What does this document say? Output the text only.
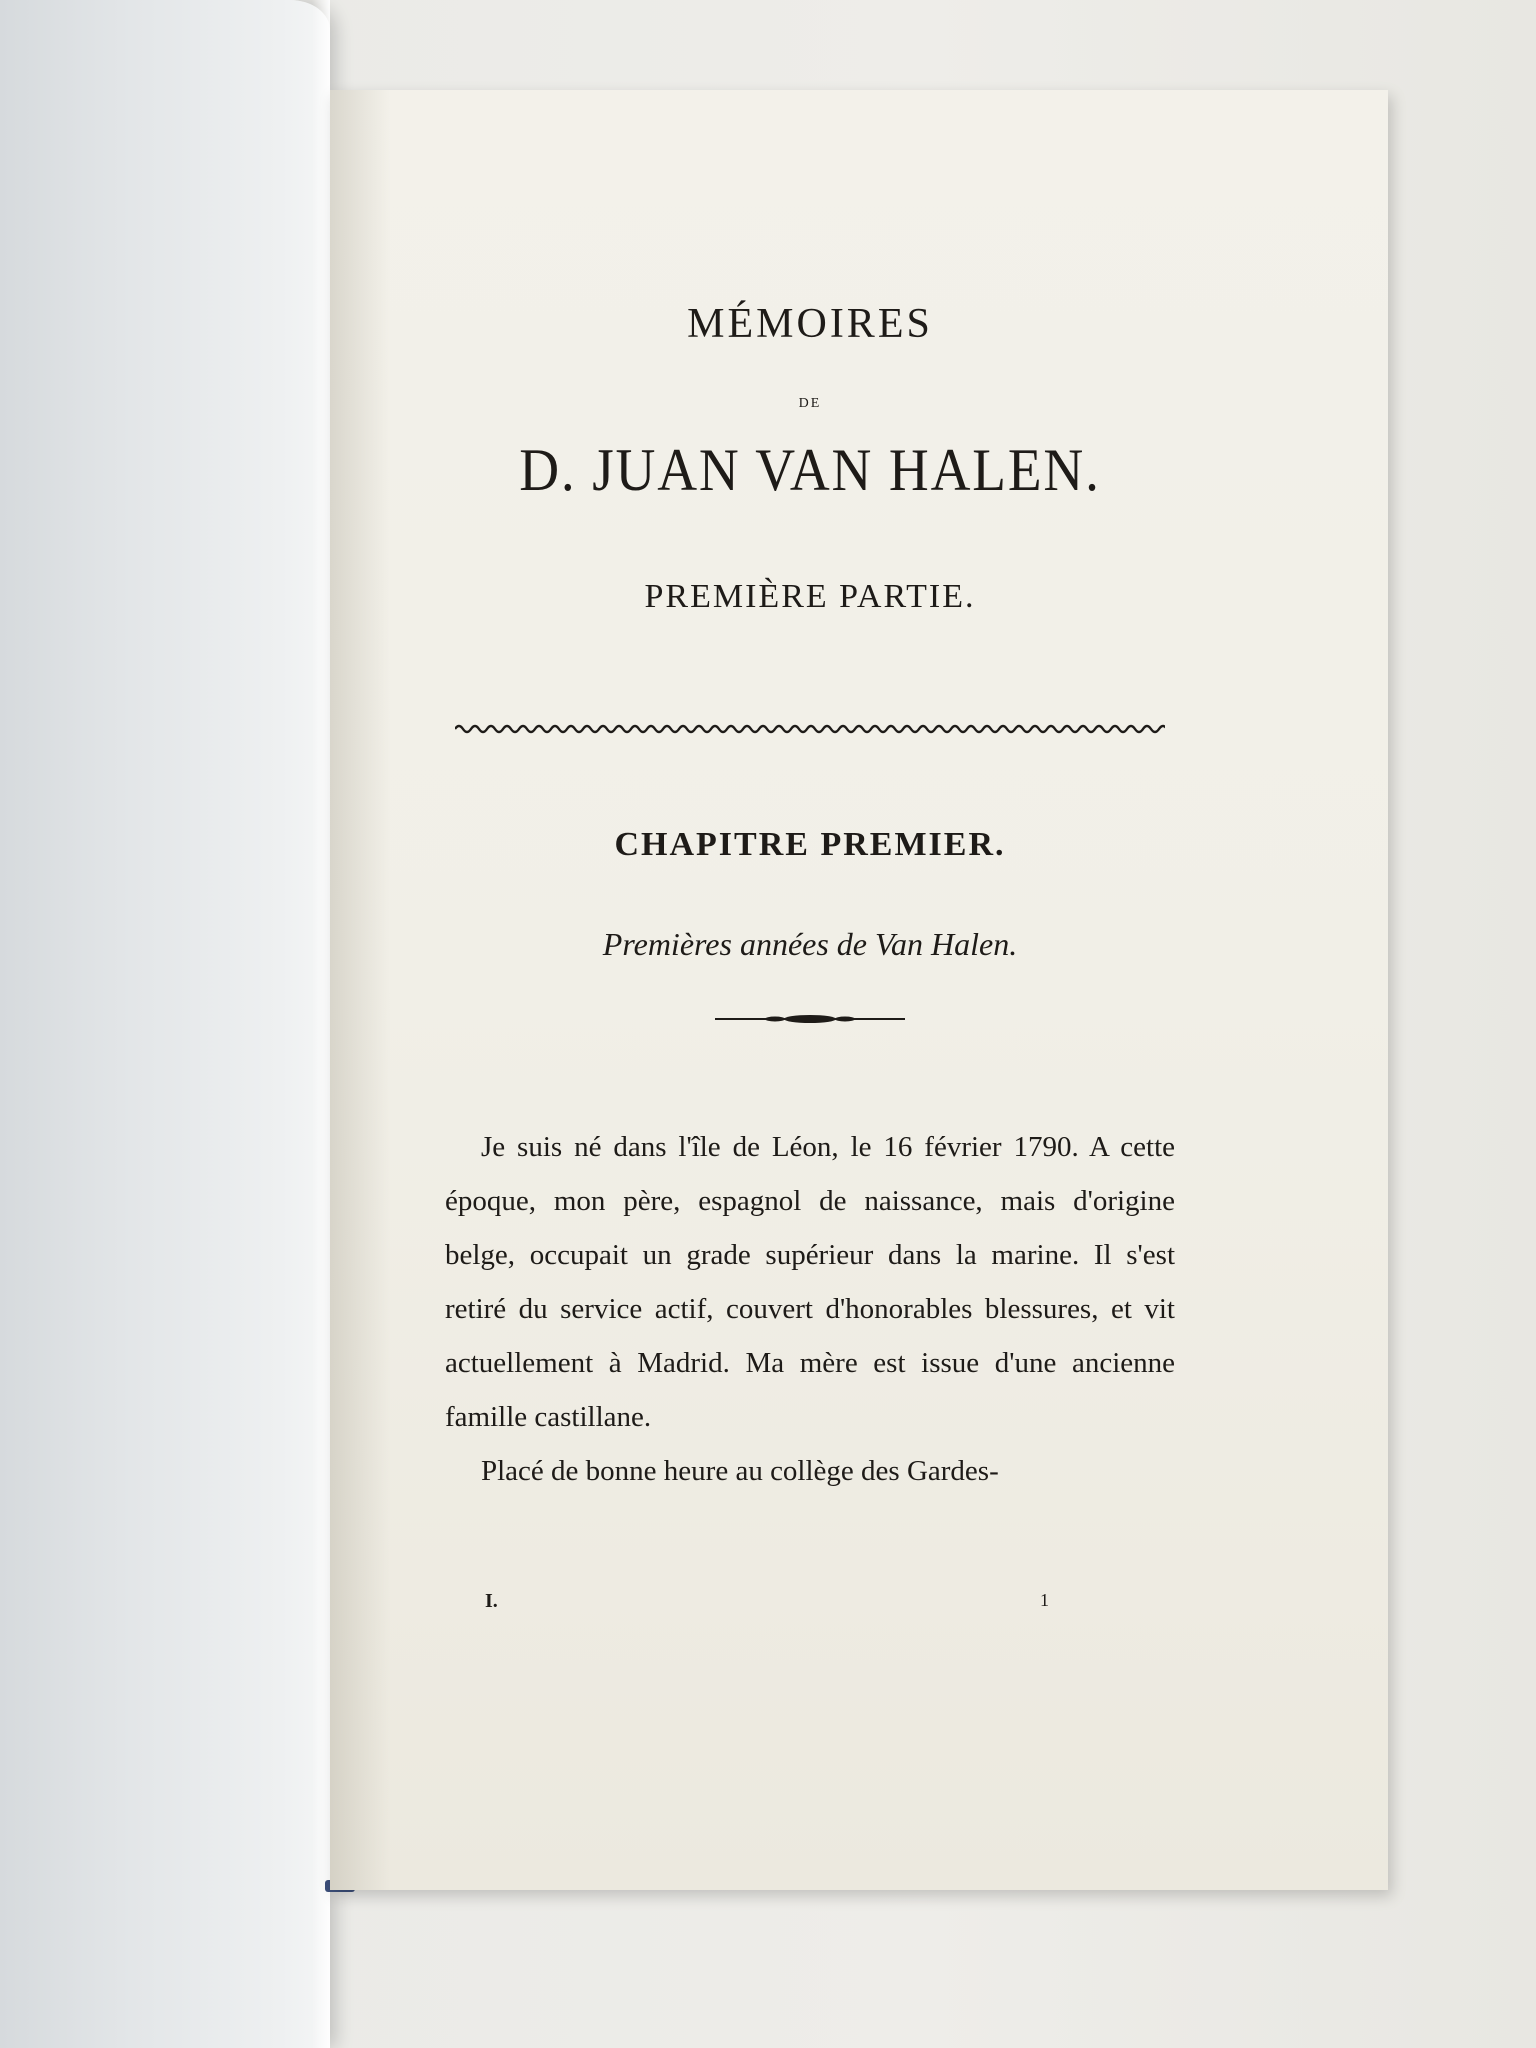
MÉMOIRES
DE
D. JUAN VAN HALEN.
PREMIÈRE PARTIE.
CHAPITRE PREMIER.
Premières années de Van Halen.

Je suis né dans l'île de Léon, le 16 février 1790. A cette époque, mon père, espagnol de naissance, mais d'origine belge, occupait un grade supérieur dans la marine. Il s'est retiré du service actif, couvert d'honorables blessures, et vit actuellement à Madrid. Ma mère est issue d'une ancienne famille castillane.

Placé de bonne heure au collège des Gardes-

I.	1
